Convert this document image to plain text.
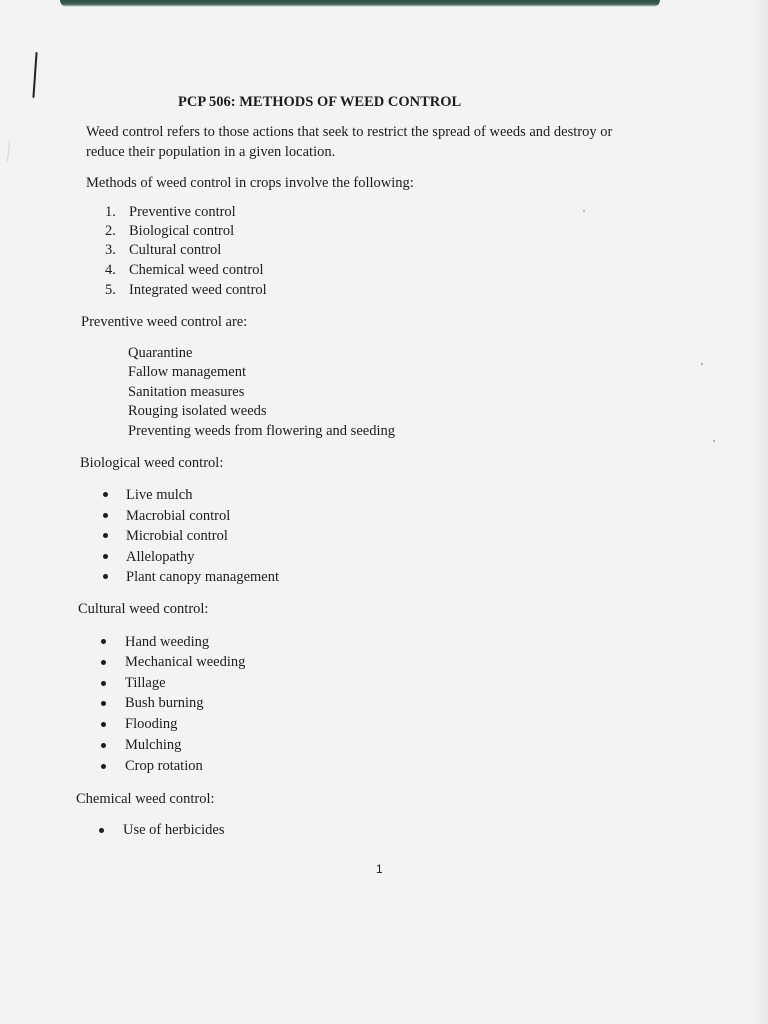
PCP 506: METHODS OF WEED CONTROL
Weed control refers to those actions that seek to restrict the spread of weeds and destroy or
reduce their population in a given location.
Methods of weed control in crops involve the following:
1. Preventive control
2. Biological control
3. Cultural control
4. Chemical weed control
5. Integrated weed control
Preventive weed control are:
Quarantine
Fallow management
Sanitation measures
Rouging isolated weeds
Preventing weeds from flowering and seeding
Biological weed control:
Live mulch
Macrobial control
Microbial control
Allelopathy
Plant canopy management
Cultural weed control:
Hand weeding
Mechanical weeding
Tillage
Bush burning
Flooding
Mulching
Crop rotation
Chemical weed control:
Use of herbicides
1
